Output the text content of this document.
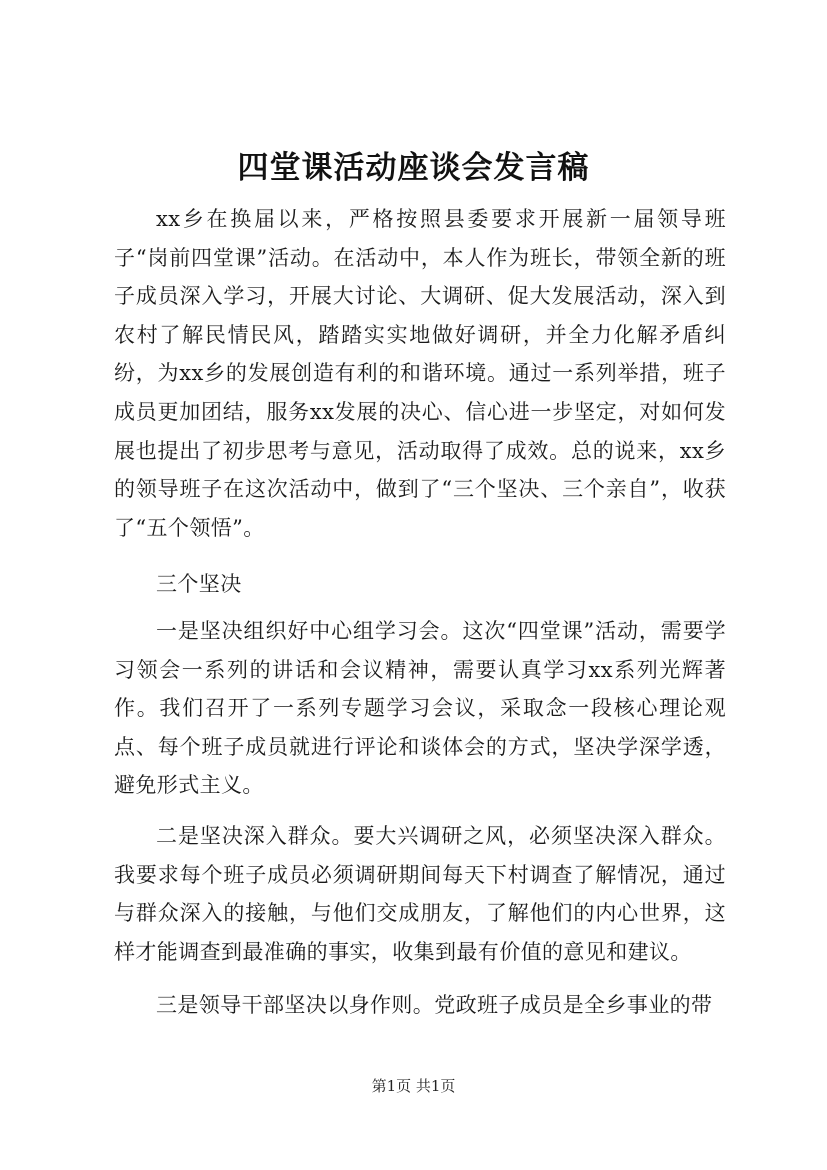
四堂课活动座谈会发言稿

xx乡在换届以来，严格按照县委要求开展新一届领导班子“岗前四堂课”活动。在活动中，本人作为班长，带领全新的班子成员深入学习，开展大讨论、大调研、促大发展活动，深入到农村了解民情民风，踏踏实实地做好调研，并全力化解矛盾纠纷，为xx乡的发展创造有利的和谐环境。通过一系列举措，班子成员更加团结，服务xx发展的决心、信心进一步坚定，对如何发展也提出了初步思考与意见，活动取得了成效。总的说来，xx乡的领导班子在这次活动中，做到了“三个坚决、三个亲自”，收获了“五个领悟”。

三个坚决

一是坚决组织好中心组学习会。这次“四堂课”活动，需要学习领会一系列的讲话和会议精神，需要认真学习xx系列光辉著作。我们召开了一系列专题学习会议，采取念一段核心理论观点、每个班子成员就进行评论和谈体会的方式，坚决学深学透，避免形式主义。

二是坚决深入群众。要大兴调研之风，必须坚决深入群众。我要求每个班子成员必须调研期间每天下村调查了解情况，通过与群众深入的接触，与他们交成朋友，了解他们的内心世界，这样才能调查到最准确的事实，收集到最有价值的意见和建议。

三是领导干部坚决以身作则。党政班子成员是全乡事业的带

第1页 共1页
